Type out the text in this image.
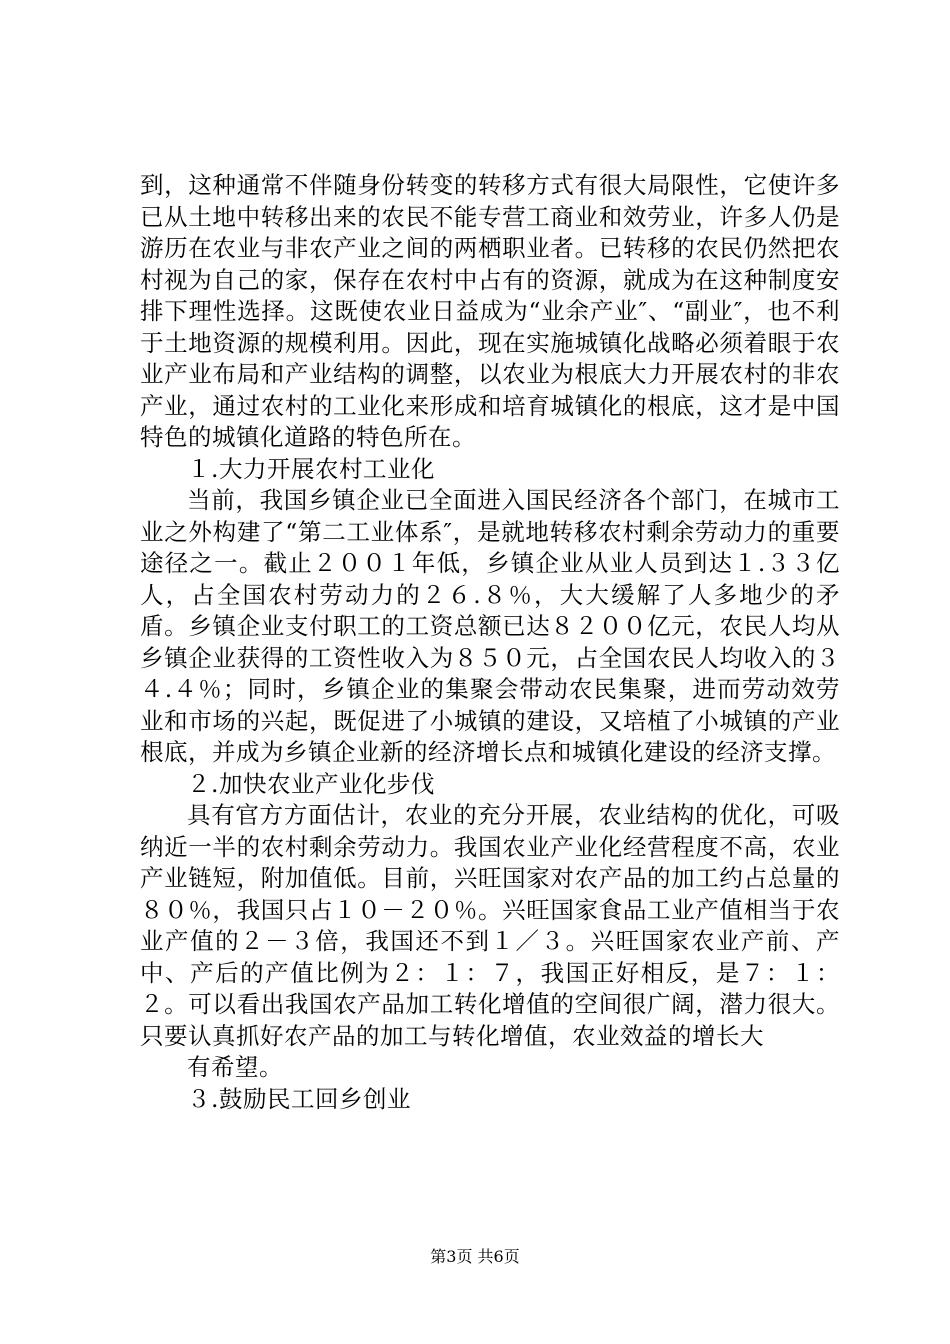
到，这种通常不伴随身份转变的转移方式有很大局限性，它使许多已从土地中转移出来的农民不能专营工商业和效劳业，许多人仍是游历在农业与非农产业之间的两栖职业者。已转移的农民仍然把农村视为自己的家，保存在农村中占有的资源，就成为在这种制度安排下理性选择。这既使农业日益成为“业余产业″、“副业″，也不利于土地资源的规模利用。因此，现在实施城镇化战略必须着眼于农业产业布局和产业结构的调整，以农业为根底大力开展农村的非农产业，通过农村的工业化来形成和培育城镇化的根底，这才是中国特色的城镇化道路的特色所在。

１.大力开展农村工业化

当前，我国乡镇企业已全面进入国民经济各个部门，在城市工业之外构建了“第二工业体系″，是就地转移农村剩余劳动力的重要途径之一。截止２００１年低，乡镇企业从业人员到达１.３３亿人，占全国农村劳动力的２６.８％，大大缓解了人多地少的矛盾。乡镇企业支付职工的工资总额已达８２００亿元，农民人均从乡镇企业获得的工资性收入为８５０元，占全国农民人均收入的３４.４％；同时，乡镇企业的集聚会带动农民集聚，进而劳动效劳业和市场的兴起，既促进了小城镇的建设，又培植了小城镇的产业根底，并成为乡镇企业新的经济增长点和城镇化建设的经济支撑。

２.加快农业产业化步伐

具有官方方面估计，农业的充分开展，农业结构的优化，可吸纳近一半的农村剩余劳动力。我国农业产业化经营程度不高，农业产业链短，附加值低。目前，兴旺国家对农产品的加工约占总量的８０％，我国只占１０－２０％。兴旺国家食品工业产值相当于农业产值的２－３倍，我国还不到１／３。兴旺国家农业产前、产中、产后的产值比例为２：１：７，我国正好相反，是７：１：２。可以看出我国农产品加工转化增值的空间很广阔，潜力很大。只要认真抓好农产品的加工与转化增值，农业效益的增长大

有希望。

３.鼓励民工回乡创业

第3页 共6页
